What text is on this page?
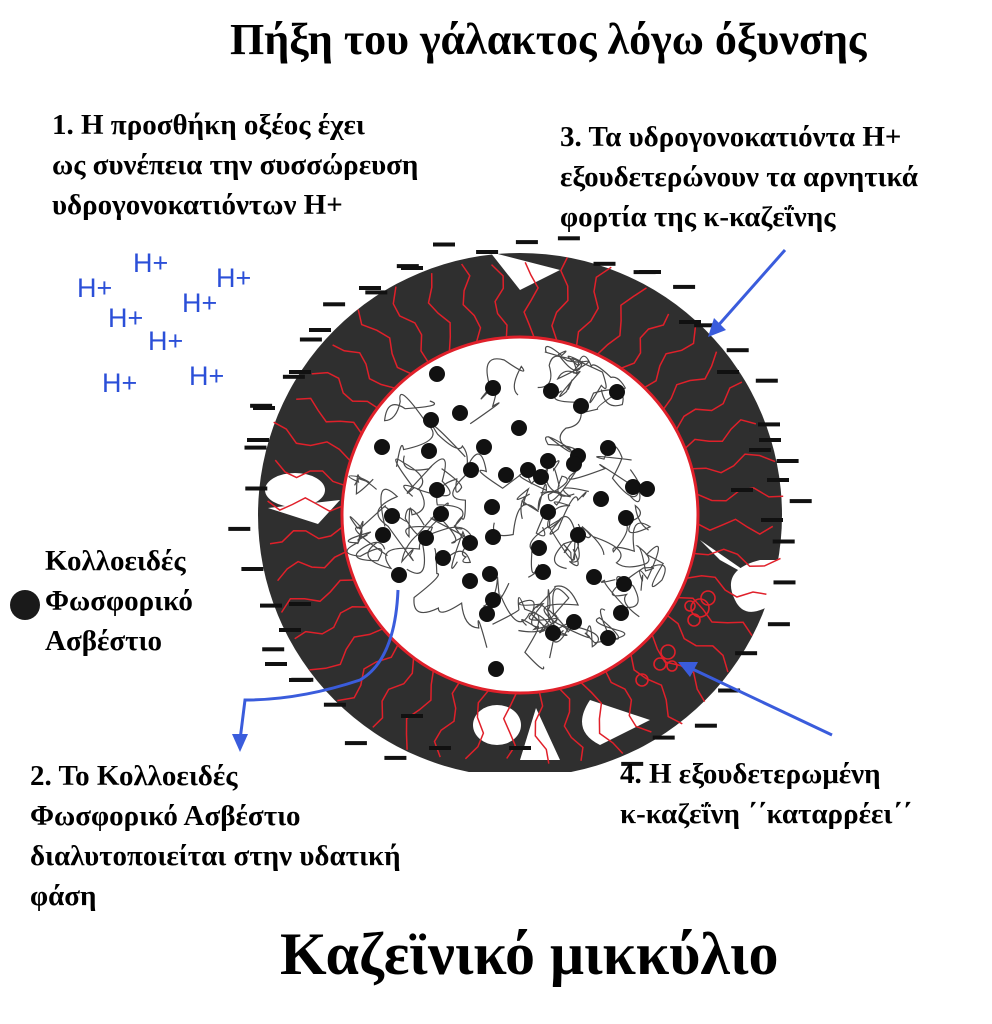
Πήξη του γάλακτος λόγω όξυνσης
1. Η προσθήκη οξέος έχει
ως συνέπεια την συσσώρευση
υδρογονοκατιόντων Η+
3. Τα υδρογονοκατιόντα Η+
εξουδετερώνουν τα αρνητικά
φορτία της κ-καζεΐνης
H+ H+
H+	H+
H+
H+
H+
H+
Κολλοειδές
Φωσφορικό
Ασβέστιο
2. Το Κολλοειδές
Φωσφορικό Ασβέστιο
διαλυτοποιείται στην υδατική
φάση
4. Η εξουδετερωμένη
κ-καζεΐνη ΄΄καταρρέει΄΄
Καζεϊνικό μικκύλιο
